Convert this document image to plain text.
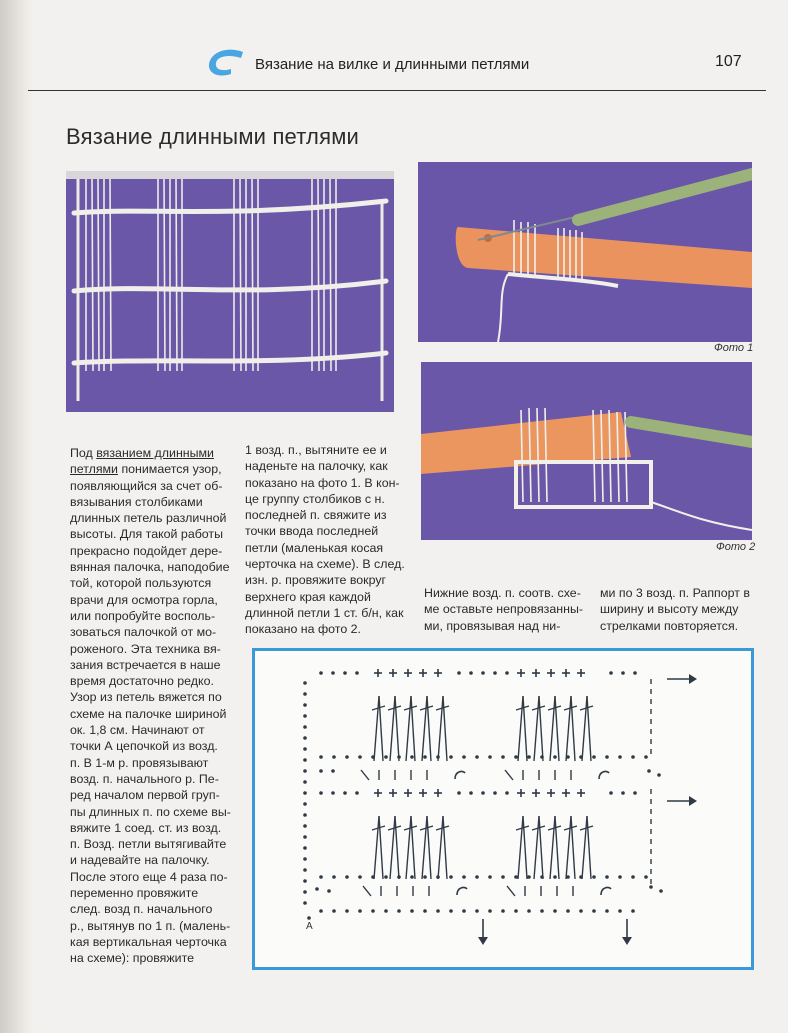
Вязание на вилке и длинными петлями	107
Вязание длинными петлями
Фото 1
Фото 2

Под вязанием длинными петлями понимается узор,

появляющийся за счет об-
вязывания столбиками
длинных петель различной
высоты. Для такой работы
прекрасно подойдет дере-
вянная палочка, наподобие
той, которой пользуются
врачи для осмотра горла,
или попробуйте восполь-
зоваться палочкой от мо-
роженого. Эта техника вя-
зания встречается в наше
время достаточно редко.
Узор из петель вяжется по
схеме на палочке шириной
ок. 1,8 см. Начинают от
точки А цепочкой из возд.
п. В 1-м р. провязывают
возд. п. начального р. Пе-
ред началом первой груп-
пы длинных п. по схеме вы-
вяжите 1 соед. ст. из возд.
п. Возд. петли вытягивайте
и надевайте на палочку.
После этого еще 4 раза по-
переменно провяжите
след. возд п. начального
р., вытянув по 1 п. (малень-
кая вертикальная черточка
на схеме): провяжите
1 возд. п., вытяните ее и
наденьте на палочку, как
показано на фото 1. В кон-
це группу столбиков с н.
последней п. свяжите из
точки ввода последней
петли (маленькая косая
черточка на схеме). В след.
изн. р. провяжите вокруг
верхнего края каждой
длинной петли 1 ст. б/н, как
показано на фото 2.
Нижние возд. п. соотв. схе-
ме оставьте непровязанны-
ми, провязывая над ни-
ми по 3 возд. п. Раппорт в
ширину и высоту между
стрелками повторяется.
A
